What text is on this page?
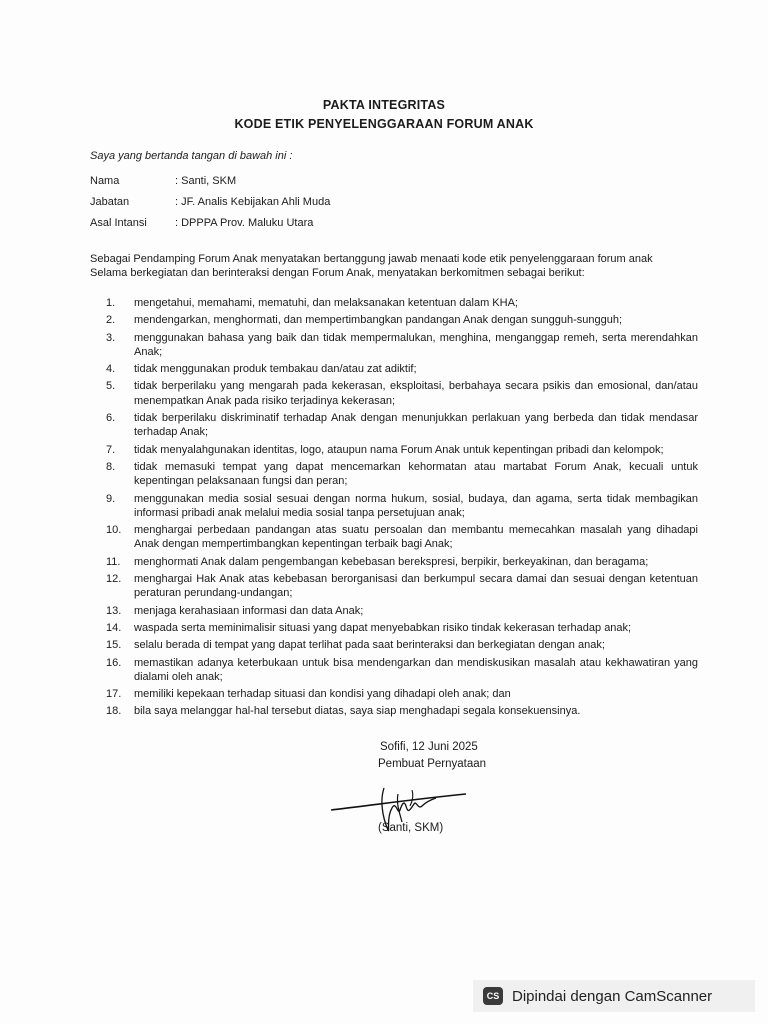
PAKTA INTEGRITAS
KODE ETIK PENYELENGGARAAN FORUM ANAK
Saya yang bertanda tangan di bawah ini :
Nama	: Santi, SKM
Jabatan	: JF. Analis Kebijakan Ahli Muda
Asal Intansi	: DPPPA Prov. Maluku Utara
Sebagai Pendamping Forum Anak menyatakan bertanggung jawab menaati kode etik penyelenggaraan forum anak
Selama berkegiatan dan berinteraksi dengan Forum Anak, menyatakan berkomitmen sebagai berikut:
1.	mengetahui, memahami, mematuhi, dan melaksanakan ketentuan dalam KHA;
2.	mendengarkan, menghormati, dan mempertimbangkan pandangan Anak dengan sungguh-sungguh;
3.	menggunakan bahasa yang baik dan tidak mempermalukan, menghina, menganggap remeh, serta merendahkan Anak;
4.	tidak menggunakan produk tembakau dan/atau zat adiktif;
5.	tidak berperilaku yang mengarah pada kekerasan, eksploitasi, berbahaya secara psikis dan emosional, dan/atau menempatkan Anak pada risiko terjadinya kekerasan;
6.	tidak berperilaku diskriminatif terhadap Anak dengan menunjukkan perlakuan yang berbeda dan tidak mendasar terhadap Anak;
7.	tidak menyalahgunakan identitas, logo, ataupun nama Forum Anak untuk kepentingan pribadi dan kelompok;
8.	tidak memasuki tempat yang dapat mencemarkan kehormatan atau martabat Forum Anak, kecuali untuk kepentingan pelaksanaan fungsi dan peran;
9.	menggunakan media sosial sesuai dengan norma hukum, sosial, budaya, dan agama, serta tidak membagikan informasi pribadi anak melalui media sosial tanpa persetujuan anak;
10.	menghargai perbedaan pandangan atas suatu persoalan dan membantu memecahkan masalah yang dihadapi Anak dengan mempertimbangkan kepentingan terbaik bagi Anak;
11.	menghormati Anak dalam pengembangan kebebasan berekspresi, berpikir, berkeyakinan, dan beragama;
12.	menghargai Hak Anak atas kebebasan berorganisasi dan berkumpul secara damai dan sesuai dengan ketentuan peraturan perundang-undangan;
13.	menjaga kerahasiaan informasi dan data Anak;
14.	waspada serta meminimalisir situasi yang dapat menyebabkan risiko tindak kekerasan terhadap anak;
15.	selalu berada di tempat yang dapat terlihat pada saat berinteraksi dan berkegiatan dengan anak;
16.	memastikan adanya keterbukaan untuk bisa mendengarkan dan mendiskusikan masalah atau kekhawatiran yang dialami oleh anak;
17.	memiliki kepekaan terhadap situasi dan kondisi yang dihadapi oleh anak; dan
18.	bila saya melanggar hal-hal tersebut diatas, saya siap menghadapi segala konsekuensinya.
Sofifi, 12 Juni 2025
Pembuat Pernyataan
(Santi, SKM)
CS Dipindai dengan CamScanner
